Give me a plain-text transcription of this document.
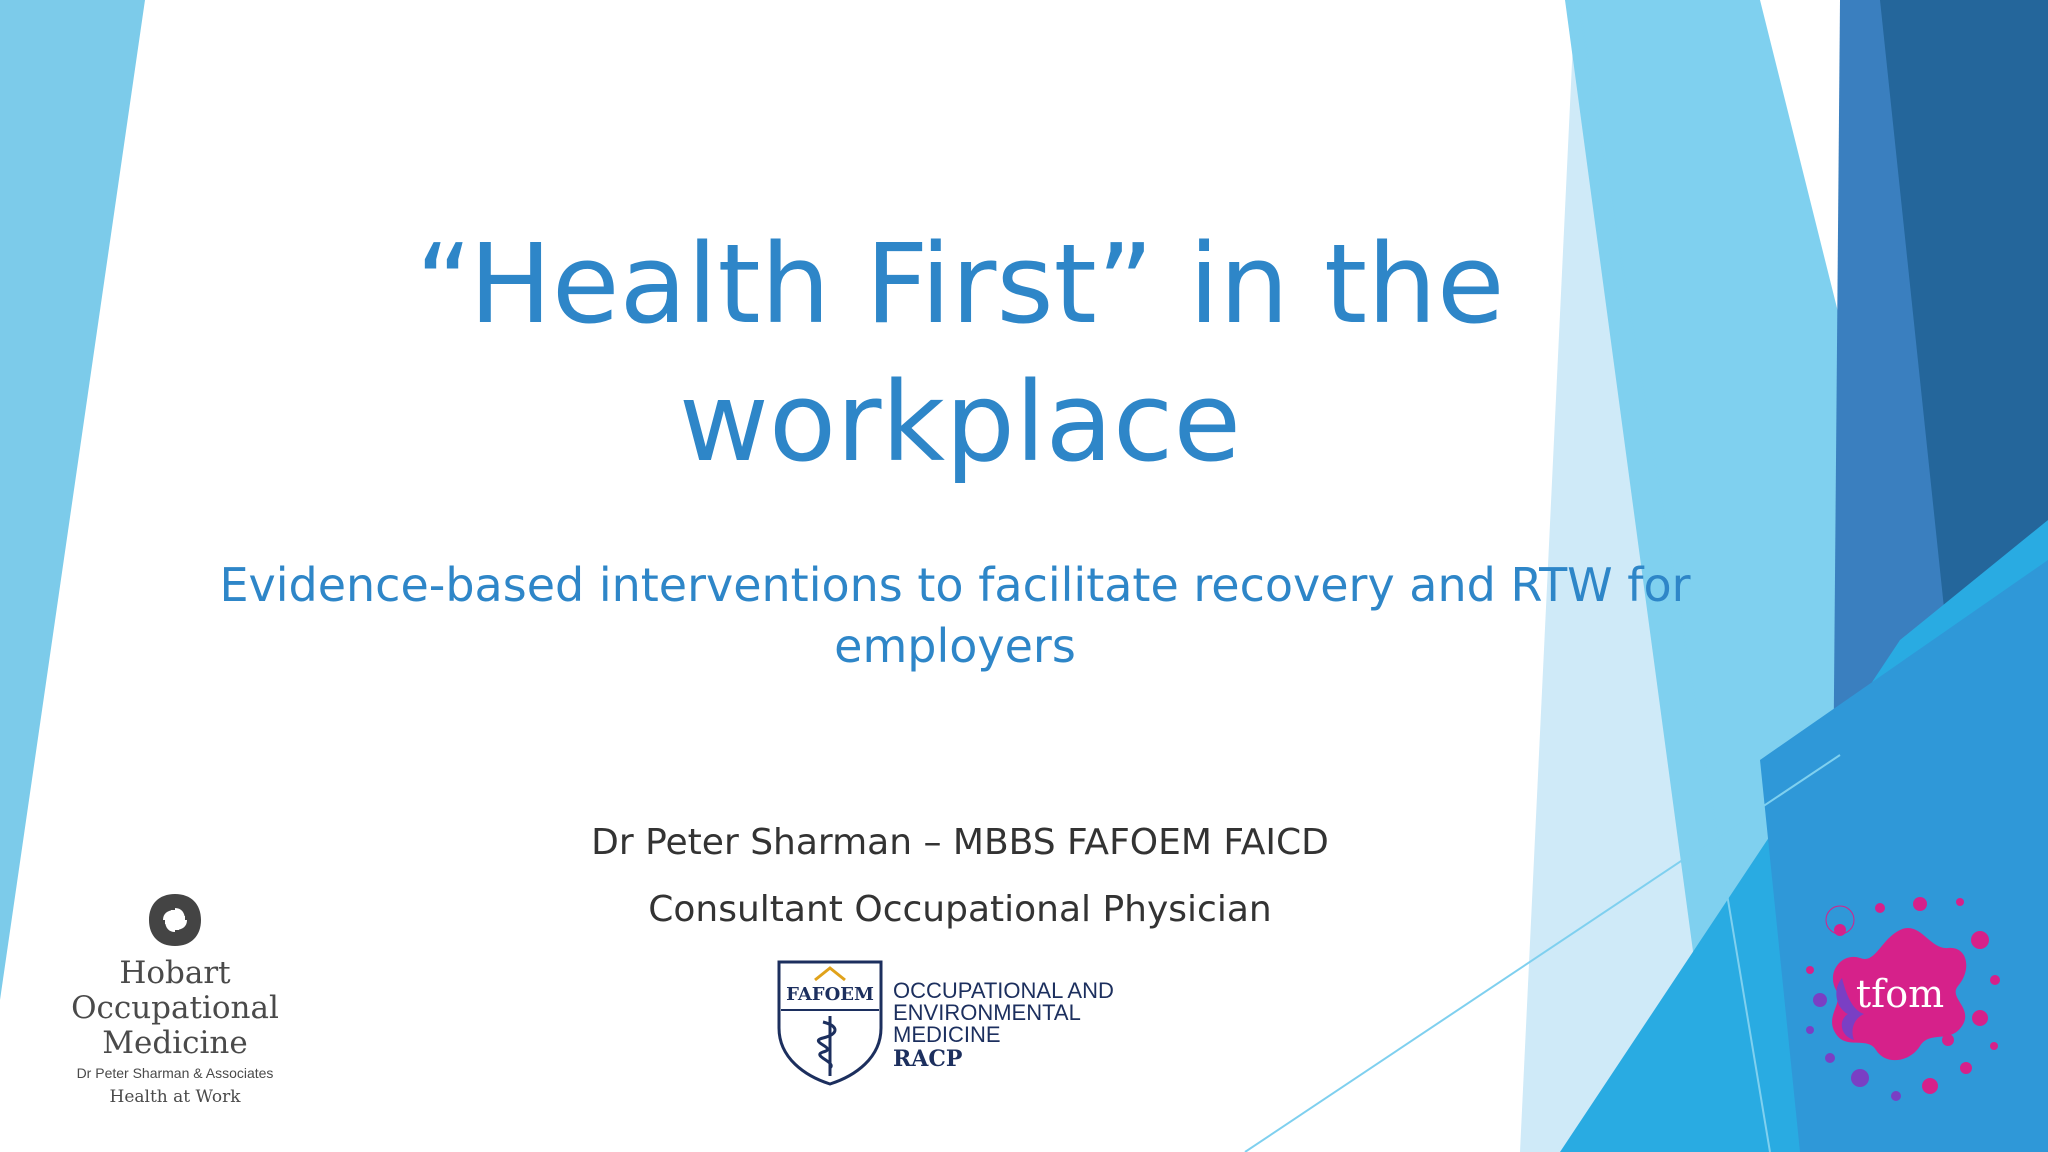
“Health First” in the
workplace
Evidence-based interventions to facilitate recovery and RTW for
employers
Dr Peter Sharman – MBBS FAFOEM FAICD
Consultant Occupational Physician
Hobart
Occupational
Medicine
Dr Peter Sharman & Associates
Health at Work
FAFOEM OCCUPATIONAL AND
ENVIRONMENTAL
MEDICINE
RACP
tfom
